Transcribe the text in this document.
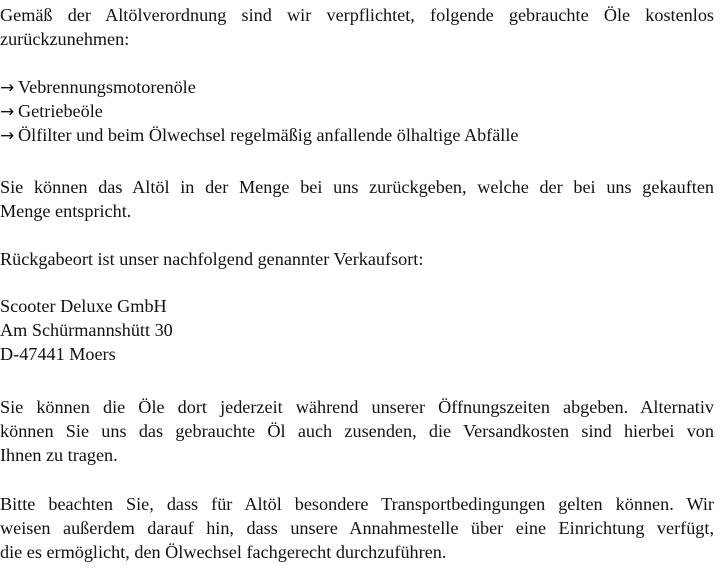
Gemäß der Altölverordnung sind wir verpflichtet, folgende gebrauchte Öle kostenlos
zurückzunehmen:

→ Vebrennungsmotorenöle
→ Getriebeöle
→ Ölfilter und beim Ölwechsel regelmäßig anfallende ölhaltige Abfälle

Sie können das Altöl in der Menge bei uns zurückgeben, welche der bei uns gekauften
Menge entspricht.

Rückgabeort ist unser nachfolgend genannter Verkaufsort:

Scooter Deluxe GmbH
Am Schürmannshütt 30
D-47441 Moers

Sie können die Öle dort jederzeit während unserer Öffnungszeiten abgeben. Alternativ
können Sie uns das gebrauchte Öl auch zusenden, die Versandkosten sind hierbei von
Ihnen zu tragen.

Bitte beachten Sie, dass für Altöl besondere Transportbedingungen gelten können. Wir
weisen außerdem darauf hin, dass unsere Annahmestelle über eine Einrichtung verfügt,
die es ermöglicht, den Ölwechsel fachgerecht durchzuführen.
